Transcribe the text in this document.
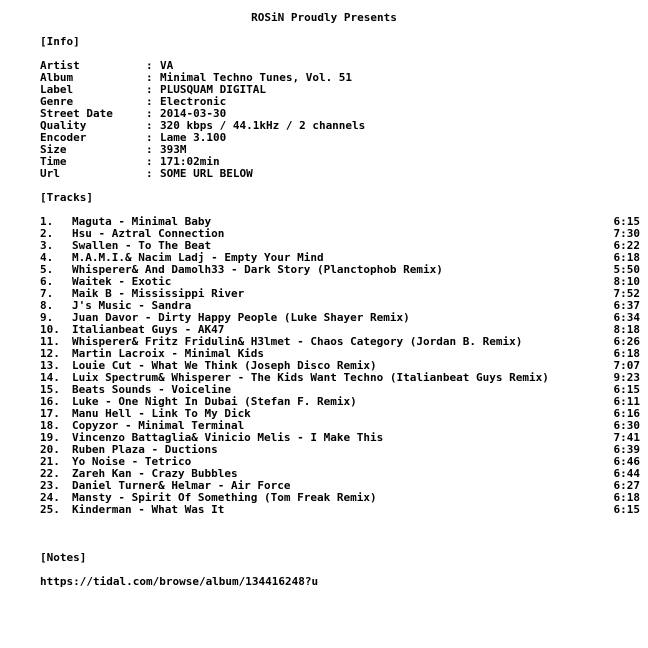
ROSiN Proudly Presents
[Info]
Artist	: VA
Album	: Minimal Techno Tunes, Vol. 51
Label	: PLUSQUAM DIGITAL
Genre	: Electronic
Street Date	: 2014-03-30
Quality	: 320 kbps / 44.1kHz / 2 channels
Encoder	: Lame 3.100
Size	: 393M
Time	: 171:02min
Url	: SOME URL BELOW
[Tracks]
1.	Maguta - Minimal Baby	6:15
2.	Hsu - Aztral Connection	7:30
3.	Swallen - To The Beat	6:22
4.	M.A.M.I.& Nacim Ladj - Empty Your Mind	6:18
5.	Whisperer& And Damolh33 - Dark Story (Planctophob Remix)	5:50
6.	Waitek - Exotic	8:10
7.	Maik B - Mississippi River	7:52
8.	J's Music - Sandra	6:37
9.	Juan Davor - Dirty Happy People (Luke Shayer Remix)	6:34
10.	Italianbeat Guys - AK47	8:18
11.	Whisperer& Fritz Fridulin& H3lmet - Chaos Category (Jordan B. Remix)	6:26
12.	Martin Lacroix - Minimal Kids	6:18
13.	Louie Cut - What We Think (Joseph Disco Remix)	7:07
14.	Luix Spectrum& Whisperer - The Kids Want Techno (Italianbeat Guys Remix)	9:23
15.	Beats Sounds - Voiceline	6:15
16.	Luke - One Night In Dubai (Stefan F. Remix)	6:11
17.	Manu Hell - Link To My Dick	6:16
18.	Copyzor - Minimal Terminal	6:30
19.	Vincenzo Battaglia& Vinicio Melis - I Make This	7:41
20.	Ruben Plaza - Ductions	6:39
21.	Yo Noise - Tetrico	6:46
22.	Zareh Kan - Crazy Bubbles	6:44
23.	Daniel Turner& Helmar - Air Force	6:27
24.	Mansty - Spirit Of Something (Tom Freak Remix)	6:18
25.	Kinderman - What Was It	6:15
[Notes]
https://tidal.com/browse/album/134416248?u
